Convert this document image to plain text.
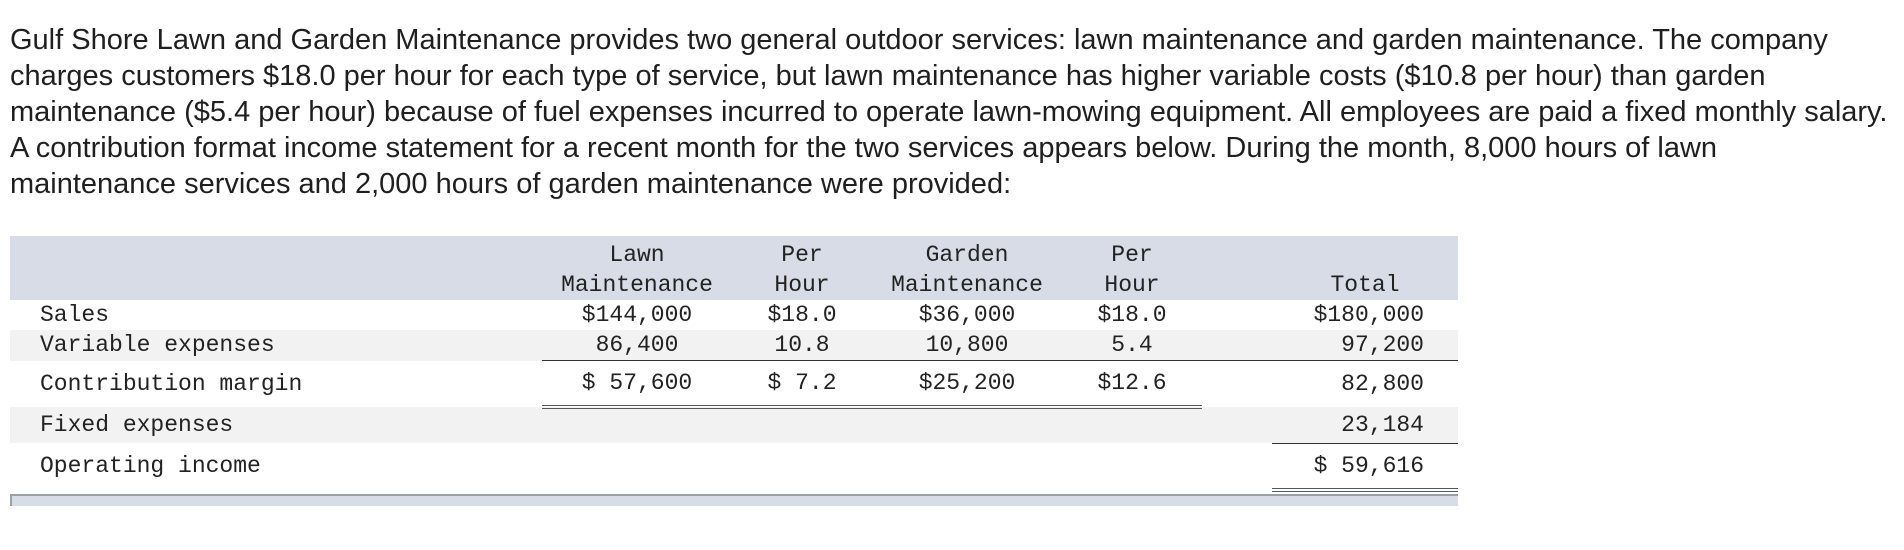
Gulf Shore Lawn and Garden Maintenance provides two general outdoor services: lawn maintenance and garden maintenance. The company charges customers $18.0 per hour for each type of service, but lawn maintenance has higher variable costs ($10.8 per hour) than garden maintenance ($5.4 per hour) because of fuel expenses incurred to operate lawn-mowing equipment. All employees are paid a fixed monthly salary. A contribution format income statement for a recent month for the two services appears below. During the month, 8,000 hours of lawn maintenance services and 2,000 hours of garden maintenance were provided:

	Lawn	Per	Garden	Per		
	Maintenance	Hour	Maintenance	Hour		Total
Sales	$144,000	$18.0	$36,000	$18.0		$180,000
Variable expenses	86,400	10.8	10,800	5.4		97,200
Contribution margin	$ 57,600	$ 7.2	$25,200	$12.6		82,800
Fixed expenses						23,184
Operating income						$ 59,616
